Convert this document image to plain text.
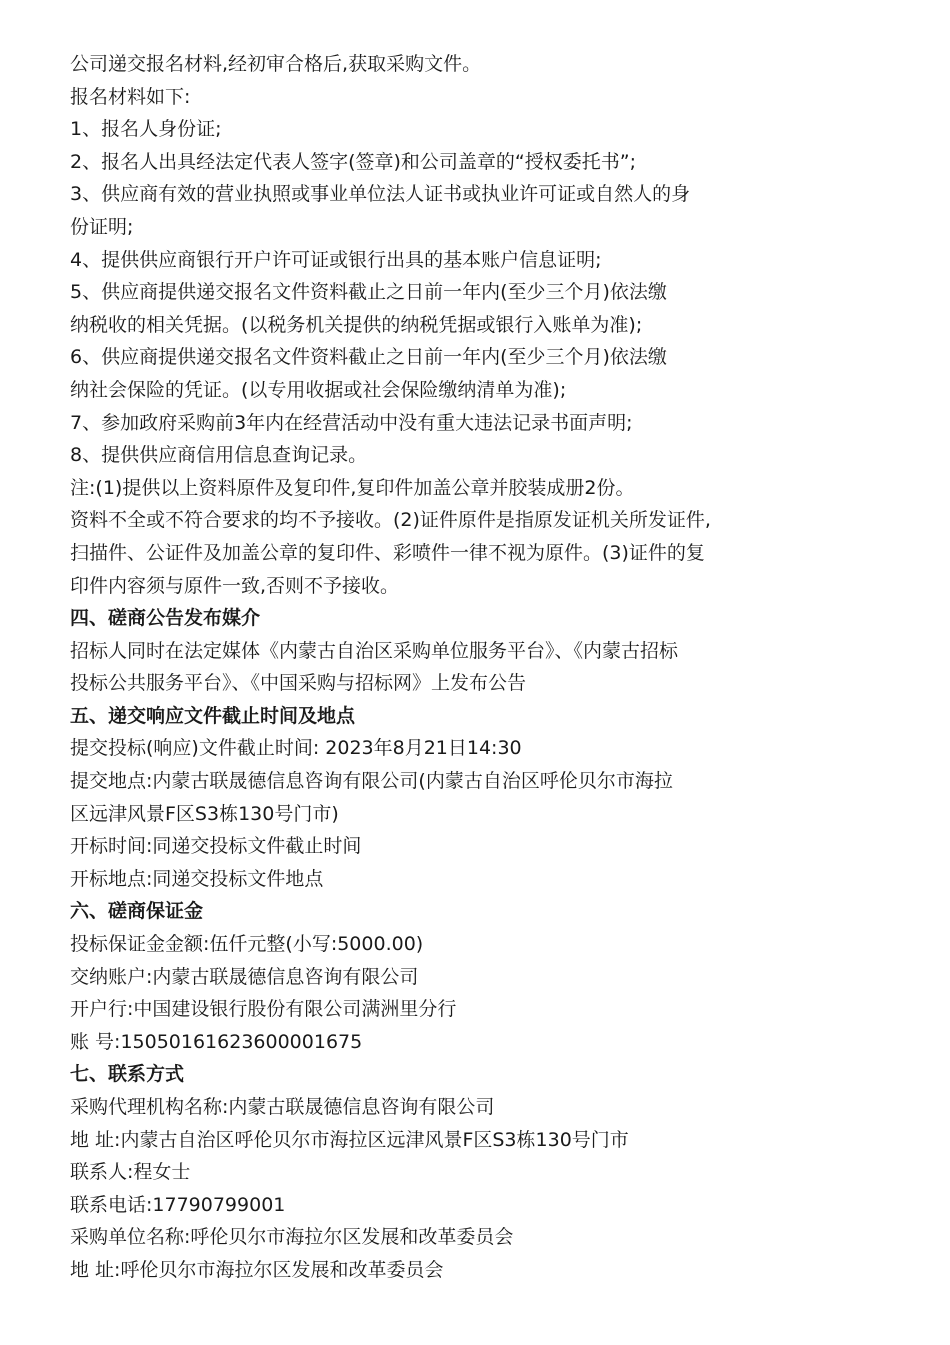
公司递交报名材料,经初审合格后,获取采购文件。
报名材料如下:
1、报名人身份证;
2、报名人出具经法定代表人签字(签章)和公司盖章的“授权委托书”;
3、供应商有效的营业执照或事业单位法人证书或执业许可证或自然人的身
份证明;
4、提供供应商银行开户许可证或银行出具的基本账户信息证明;
5、供应商提供递交报名文件资料截止之日前一年内(至少三个月)依法缴
纳税收的相关凭据。(以税务机关提供的纳税凭据或银行入账单为准);
6、供应商提供递交报名文件资料截止之日前一年内(至少三个月)依法缴
纳社会保险的凭证。(以专用收据或社会保险缴纳清单为准);
7、参加政府采购前3年内在经营活动中没有重大违法记录书面声明;
8、提供供应商信用信息查询记录。
注:(1)提供以上资料原件及复印件,复印件加盖公章并胶装成册2份。
资料不全或不符合要求的均不予接收。(2)证件原件是指原发证机关所发证件,
扫描件、公证件及加盖公章的复印件、彩喷件一律不视为原件。(3)证件的复
印件内容须与原件一致,否则不予接收。
四、磋商公告发布媒介
招标人同时在法定媒体《内蒙古自治区采购单位服务平台》、《内蒙古招标
投标公共服务平台》、《中国采购与招标网》上发布公告
五、递交响应文件截止时间及地点
提交投标(响应)文件截止时间: 2023年8月21日14:30
提交地点:内蒙古联晟德信息咨询有限公司(内蒙古自治区呼伦贝尔市海拉
区远津风景F区S3栋130号门市)
开标时间:同递交投标文件截止时间
开标地点:同递交投标文件地点
六、磋商保证金
投标保证金金额:伍仟元整(小写:5000.00)
交纳账户:内蒙古联晟德信息咨询有限公司
开户行:中国建设银行股份有限公司满洲里分行
账 号:15050161623600001675
七、联系方式
采购代理机构名称:内蒙古联晟德信息咨询有限公司
地 址:内蒙古自治区呼伦贝尔市海拉区远津风景F区S3栋130号门市
联系人:程女士
联系电话:17790799001
采购单位名称:呼伦贝尔市海拉尔区发展和改革委员会
地 址:呼伦贝尔市海拉尔区发展和改革委员会
